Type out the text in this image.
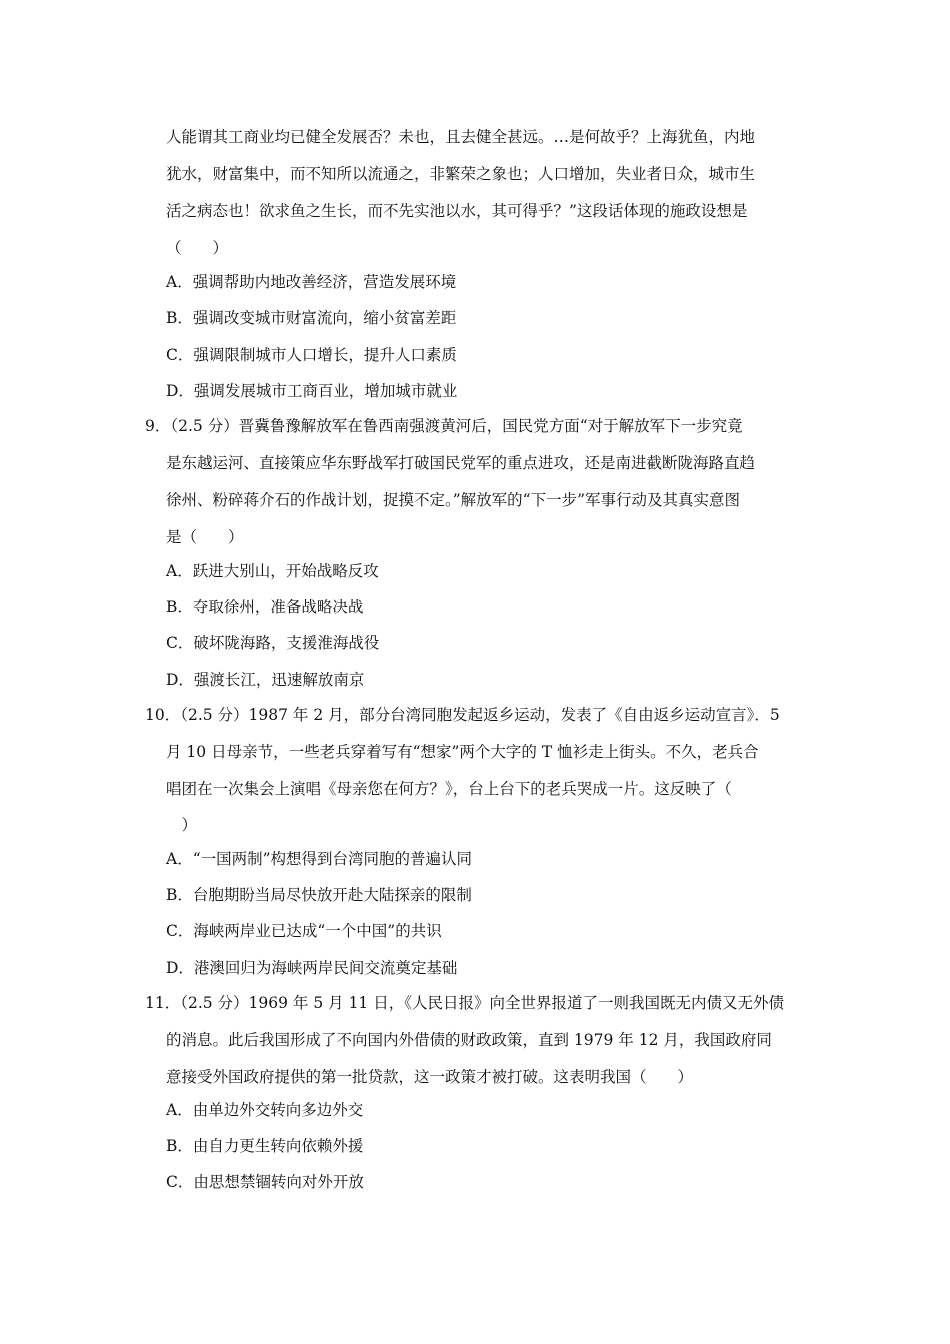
人能谓其工商业均已健全发展否？未也，且去健全甚远。…是何故乎？上海犹鱼，内地
犹水，财富集中，而不知所以流通之，非繁荣之象也；人口增加，失业者日众，城市生
活之病态也！欲求鱼之生长，而不先实池以水，其可得乎？”这段话体现的施政设想是
（　　）
A．强调帮助内地改善经济，营造发展环境
B．强调改变城市财富流向，缩小贫富差距
C．强调限制城市人口增长，提升人口素质
D．强调发展城市工商百业，增加城市就业
9．（2.5 分）晋冀鲁豫解放军在鲁西南强渡黄河后，国民党方面“对于解放军下一步究竟
是东越运河、直接策应华东野战军打破国民党军的重点进攻，还是南进截断陇海路直趋
徐州、粉碎蒋介石的作战计划，捉摸不定。”解放军的“下一步”军事行动及其真实意图
是（　　）
A．跃进大别山，开始战略反攻
B．夺取徐州，准备战略决战
C．破坏陇海路，支援淮海战役
D．强渡长江，迅速解放南京
10．（2.5 分）1987 年 2 月，部分台湾同胞发起返乡运动，发表了《自由返乡运动宣言》．5
月 10 日母亲节，一些老兵穿着写有“想家”两个大字的 T 恤衫走上街头。不久，老兵合
唱团在一次集会上演唱《母亲您在何方？》，台上台下的老兵哭成一片。这反映了（
　）
A．“一国两制”构想得到台湾同胞的普遍认同
B．台胞期盼当局尽快放开赴大陆探亲的限制
C．海峡两岸业已达成“一个中国”的共识
D．港澳回归为海峡两岸民间交流奠定基础
11．（2.5 分）1969 年 5 月 11 日，《人民日报》向全世界报道了一则我国既无内债又无外债
的消息。此后我国形成了不向国内外借债的财政政策，直到 1979 年 12 月，我国政府同
意接受外国政府提供的第一批贷款，这一政策才被打破。这表明我国（　　）
A．由单边外交转向多边外交
B．由自力更生转向依赖外援
C．由思想禁锢转向对外开放
